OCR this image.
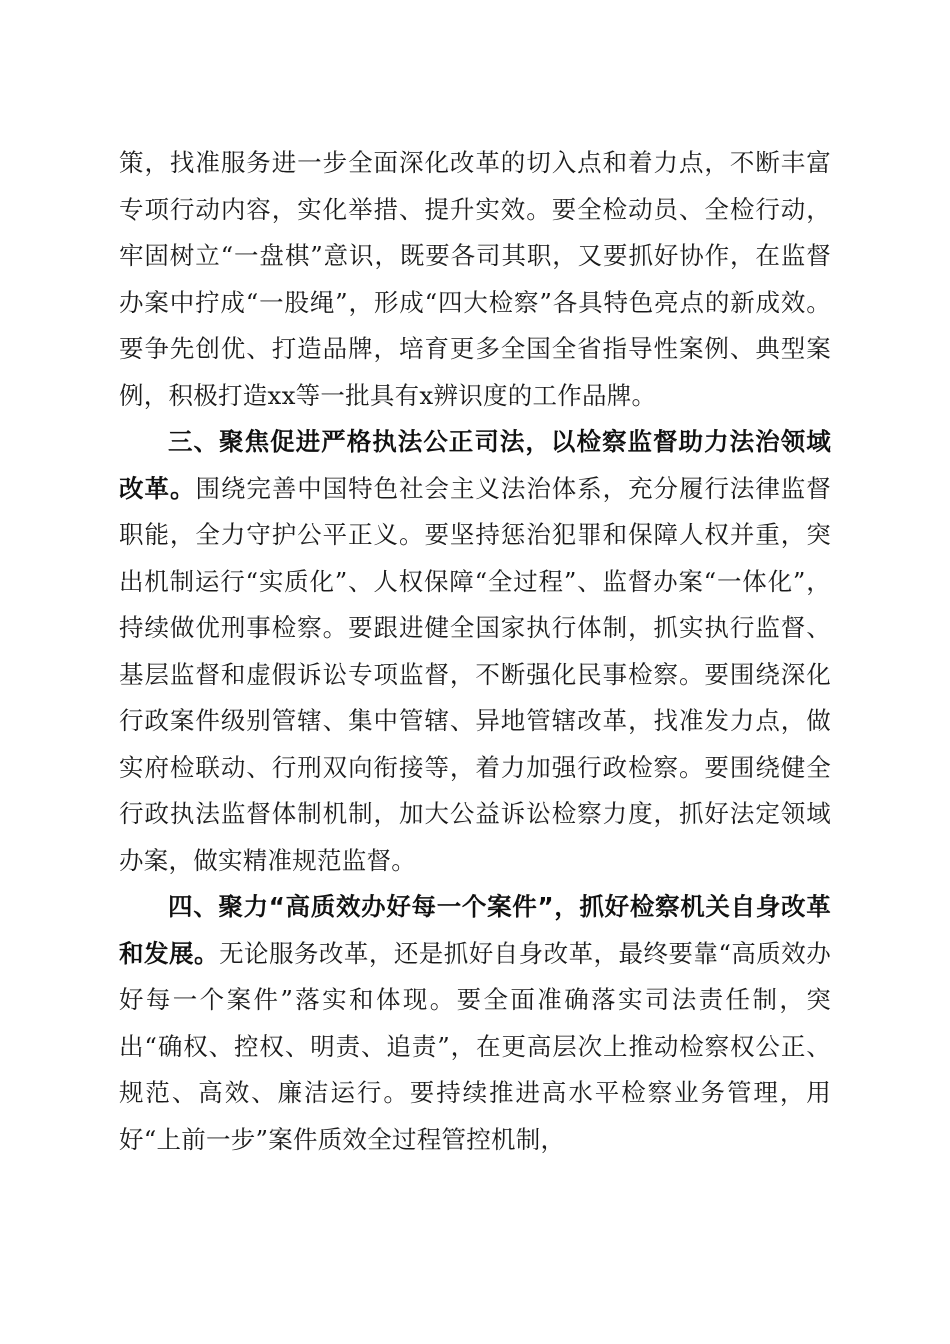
策，找准服务进一步全面深化改革的切入点和着力点，不断丰富专项行动内容，实化举措、提升实效。要全检动员、全检行动，牢固树立“一盘棋”意识，既要各司其职，又要抓好协作，在监督办案中拧成“一股绳”，形成“四大检察”各具特色亮点的新成效。要争先创优、打造品牌，培育更多全国全省指导性案例、典型案例，积极打造xx等一批具有x辨识度的工作品牌。

三、聚焦促进严格执法公正司法，以检察监督助力法治领域改革。围绕完善中国特色社会主义法治体系，充分履行法律监督职能，全力守护公平正义。要坚持惩治犯罪和保障人权并重，突出机制运行“实质化”、人权保障“全过程”、监督办案“一体化”，持续做优刑事检察。要跟进健全国家执行体制，抓实执行监督、基层监督和虚假诉讼专项监督，不断强化民事检察。要围绕深化行政案件级别管辖、集中管辖、异地管辖改革，找准发力点，做实府检联动、行刑双向衔接等，着力加强行政检察。要围绕健全行政执法监督体制机制，加大公益诉讼检察力度，抓好法定领域办案，做实精准规范监督。

四、聚力“高质效办好每一个案件”，抓好检察机关自身改革和发展。无论服务改革，还是抓好自身改革，最终要靠“高质效办好每一个案件”落实和体现。要全面准确落实司法责任制，突出“确权、控权、明责、追责”，在更高层次上推动检察权公正、规范、高效、廉洁运行。要持续推进高水平检察业务管理，用好“上前一步”案件质效全过程管控机制，
